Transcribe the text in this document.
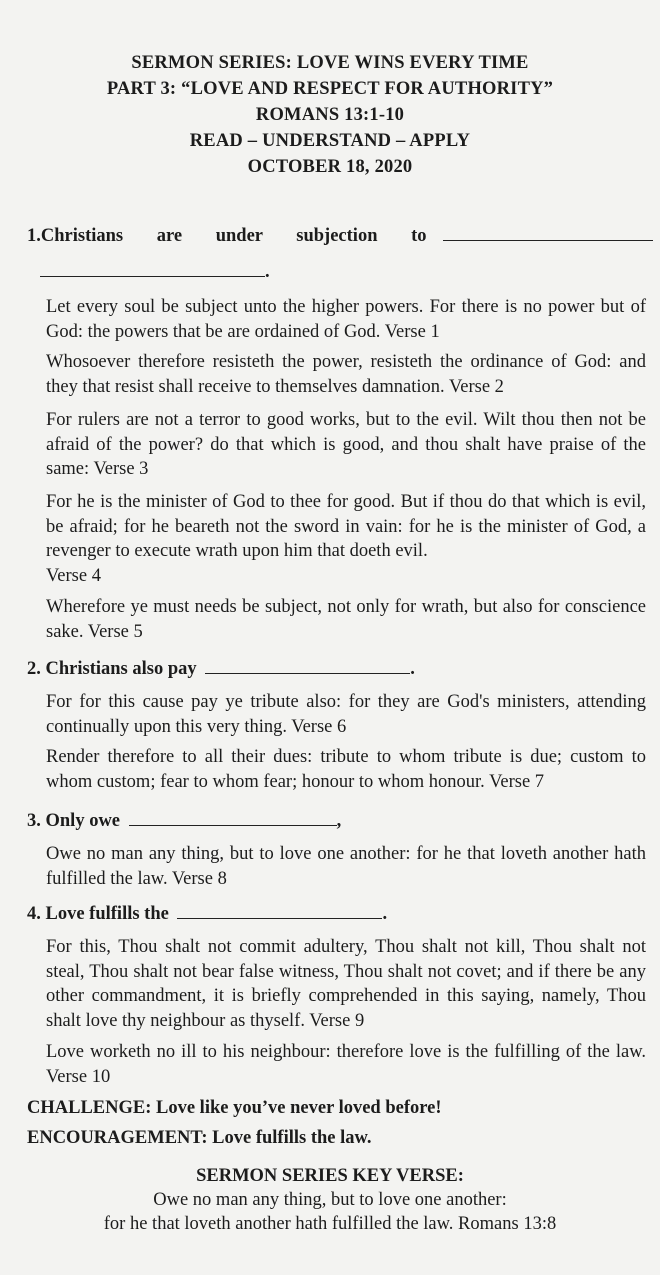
SERMON SERIES: LOVE WINS EVERY TIME
PART 3: “LOVE AND RESPECT FOR AUTHORITY”
ROMANS 13:1-10
READ – UNDERSTAND – APPLY
OCTOBER 18, 2020
1.Christians are under subjection to
.
Let every soul be subject unto the higher powers. For there is no power but of God: the powers that be are ordained of God. Verse 1
Whosoever therefore resisteth the power, resisteth the ordinance of God: and they that resist shall receive to themselves damnation. Verse 2
For rulers are not a terror to good works, but to the evil. Wilt thou then not be afraid of the power? do that which is good, and thou shalt have praise of the same: Verse 3
For he is the minister of God to thee for good. But if thou do that which is evil, be afraid; for he beareth not the sword in vain: for he is the minister of God, a revenger to execute wrath upon him that doeth evil.
Verse 4
Wherefore ye must needs be subject, not only for wrath, but also for conscience sake. Verse 5
2. Christians also pay	.
For for this cause pay ye tribute also: for they are God's ministers, attending continually upon this very thing. Verse 6
Render therefore to all their dues: tribute to whom tribute is due; custom to whom custom; fear to whom fear; honour to whom honour. Verse 7
3. Only owe	,
Owe no man any thing, but to love one another: for he that loveth another hath fulfilled the law. Verse 8
4. Love fulfills the	.
For this, Thou shalt not commit adultery, Thou shalt not kill, Thou shalt not steal, Thou shalt not bear false witness, Thou shalt not covet; and if there be any other commandment, it is briefly comprehended in this saying, namely, Thou shalt love thy neighbour as thyself. Verse 9
Love worketh no ill to his neighbour: therefore love is the fulfilling of the law. Verse 10
CHALLENGE: Love like you’ve never loved before!
ENCOURAGEMENT: Love fulfills the law.
SERMON SERIES KEY VERSE:
Owe no man any thing, but to love one another:
for he that loveth another hath fulfilled the law. Romans 13:8
